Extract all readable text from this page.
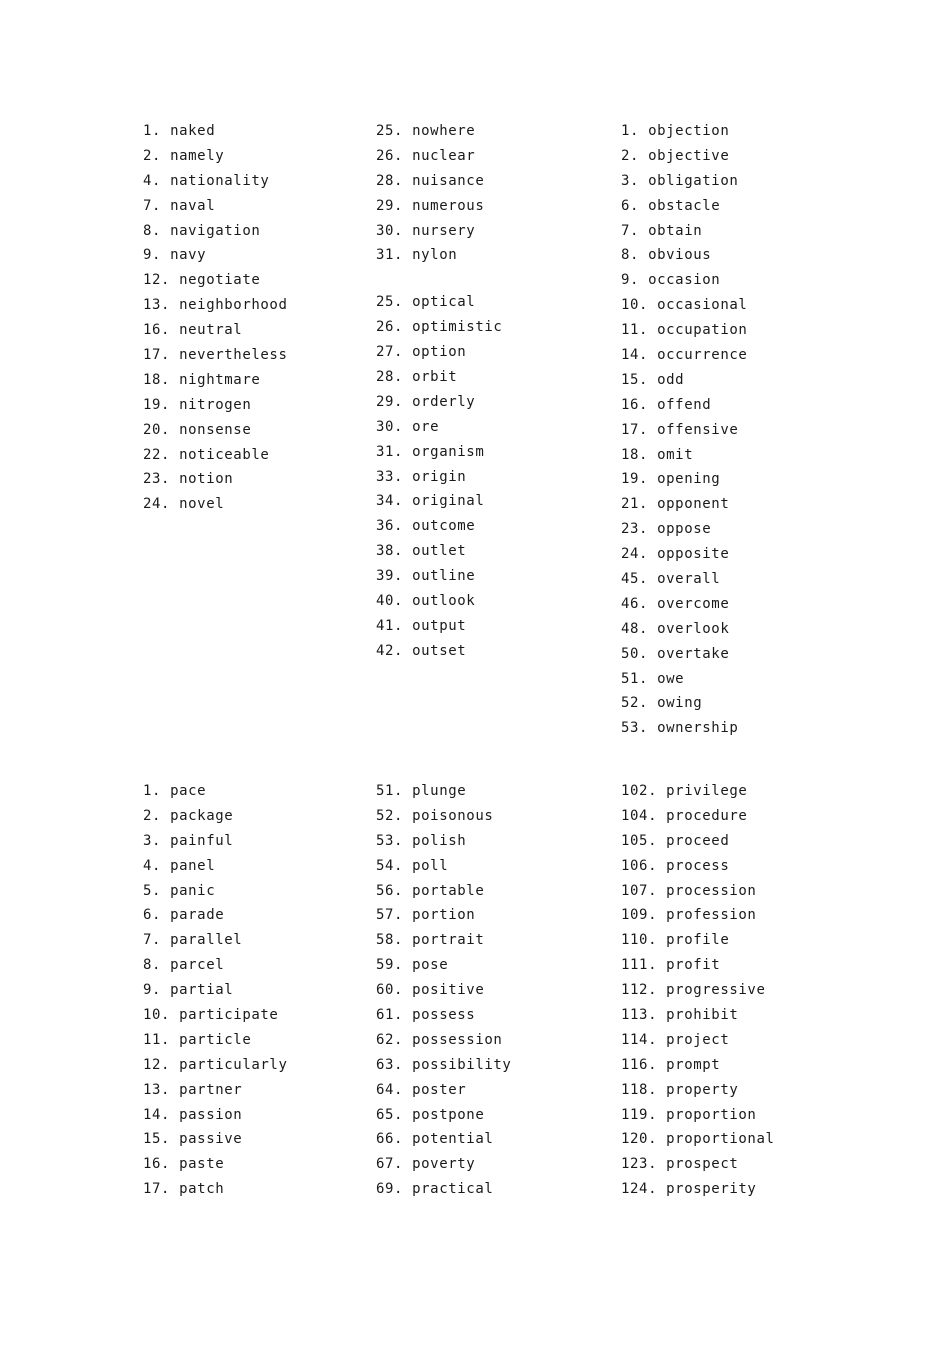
1. naked
2. namely
4. nationality
7. naval
8. navigation
9. navy
12. negotiate
13. neighborhood
16. neutral
17. nevertheless
18. nightmare
19. nitrogen
20. nonsense
22. noticeable
23. notion
24. novel
25. nowhere
26. nuclear
28. nuisance
29. numerous
30. nursery
31. nylon
25. optical
26. optimistic
27. option
28. orbit
29. orderly
30. ore
31. organism
33. origin
34. original
36. outcome
38. outlet
39. outline
40. outlook
41. output
42. outset
1. objection
2. objective
3. obligation
6. obstacle
7. obtain
8. obvious
9. occasion
10. occasional
11. occupation
14. occurrence
15. odd
16. offend
17. offensive
18. omit
19. opening
21. opponent
23. oppose
24. opposite
45. overall
46. overcome
48. overlook
50. overtake
51. owe
52. owing
53. ownership
1. pace
2. package
3. painful
4. panel
5. panic
6. parade
7. parallel
8. parcel
9. partial
10. participate
11. particle
12. particularly
13. partner
14. passion
15. passive
16. paste
17. patch
51. plunge
52. poisonous
53. polish
54. poll
56. portable
57. portion
58. portrait
59. pose
60. positive
61. possess
62. possession
63. possibility
64. poster
65. postpone
66. potential
67. poverty
69. practical
102. privilege
104. procedure
105. proceed
106. process
107. procession
109. profession
110. profile
111. profit
112. progressive
113. prohibit
114. project
116. prompt
118. property
119. proportion
120. proportional
123. prospect
124. prosperity
